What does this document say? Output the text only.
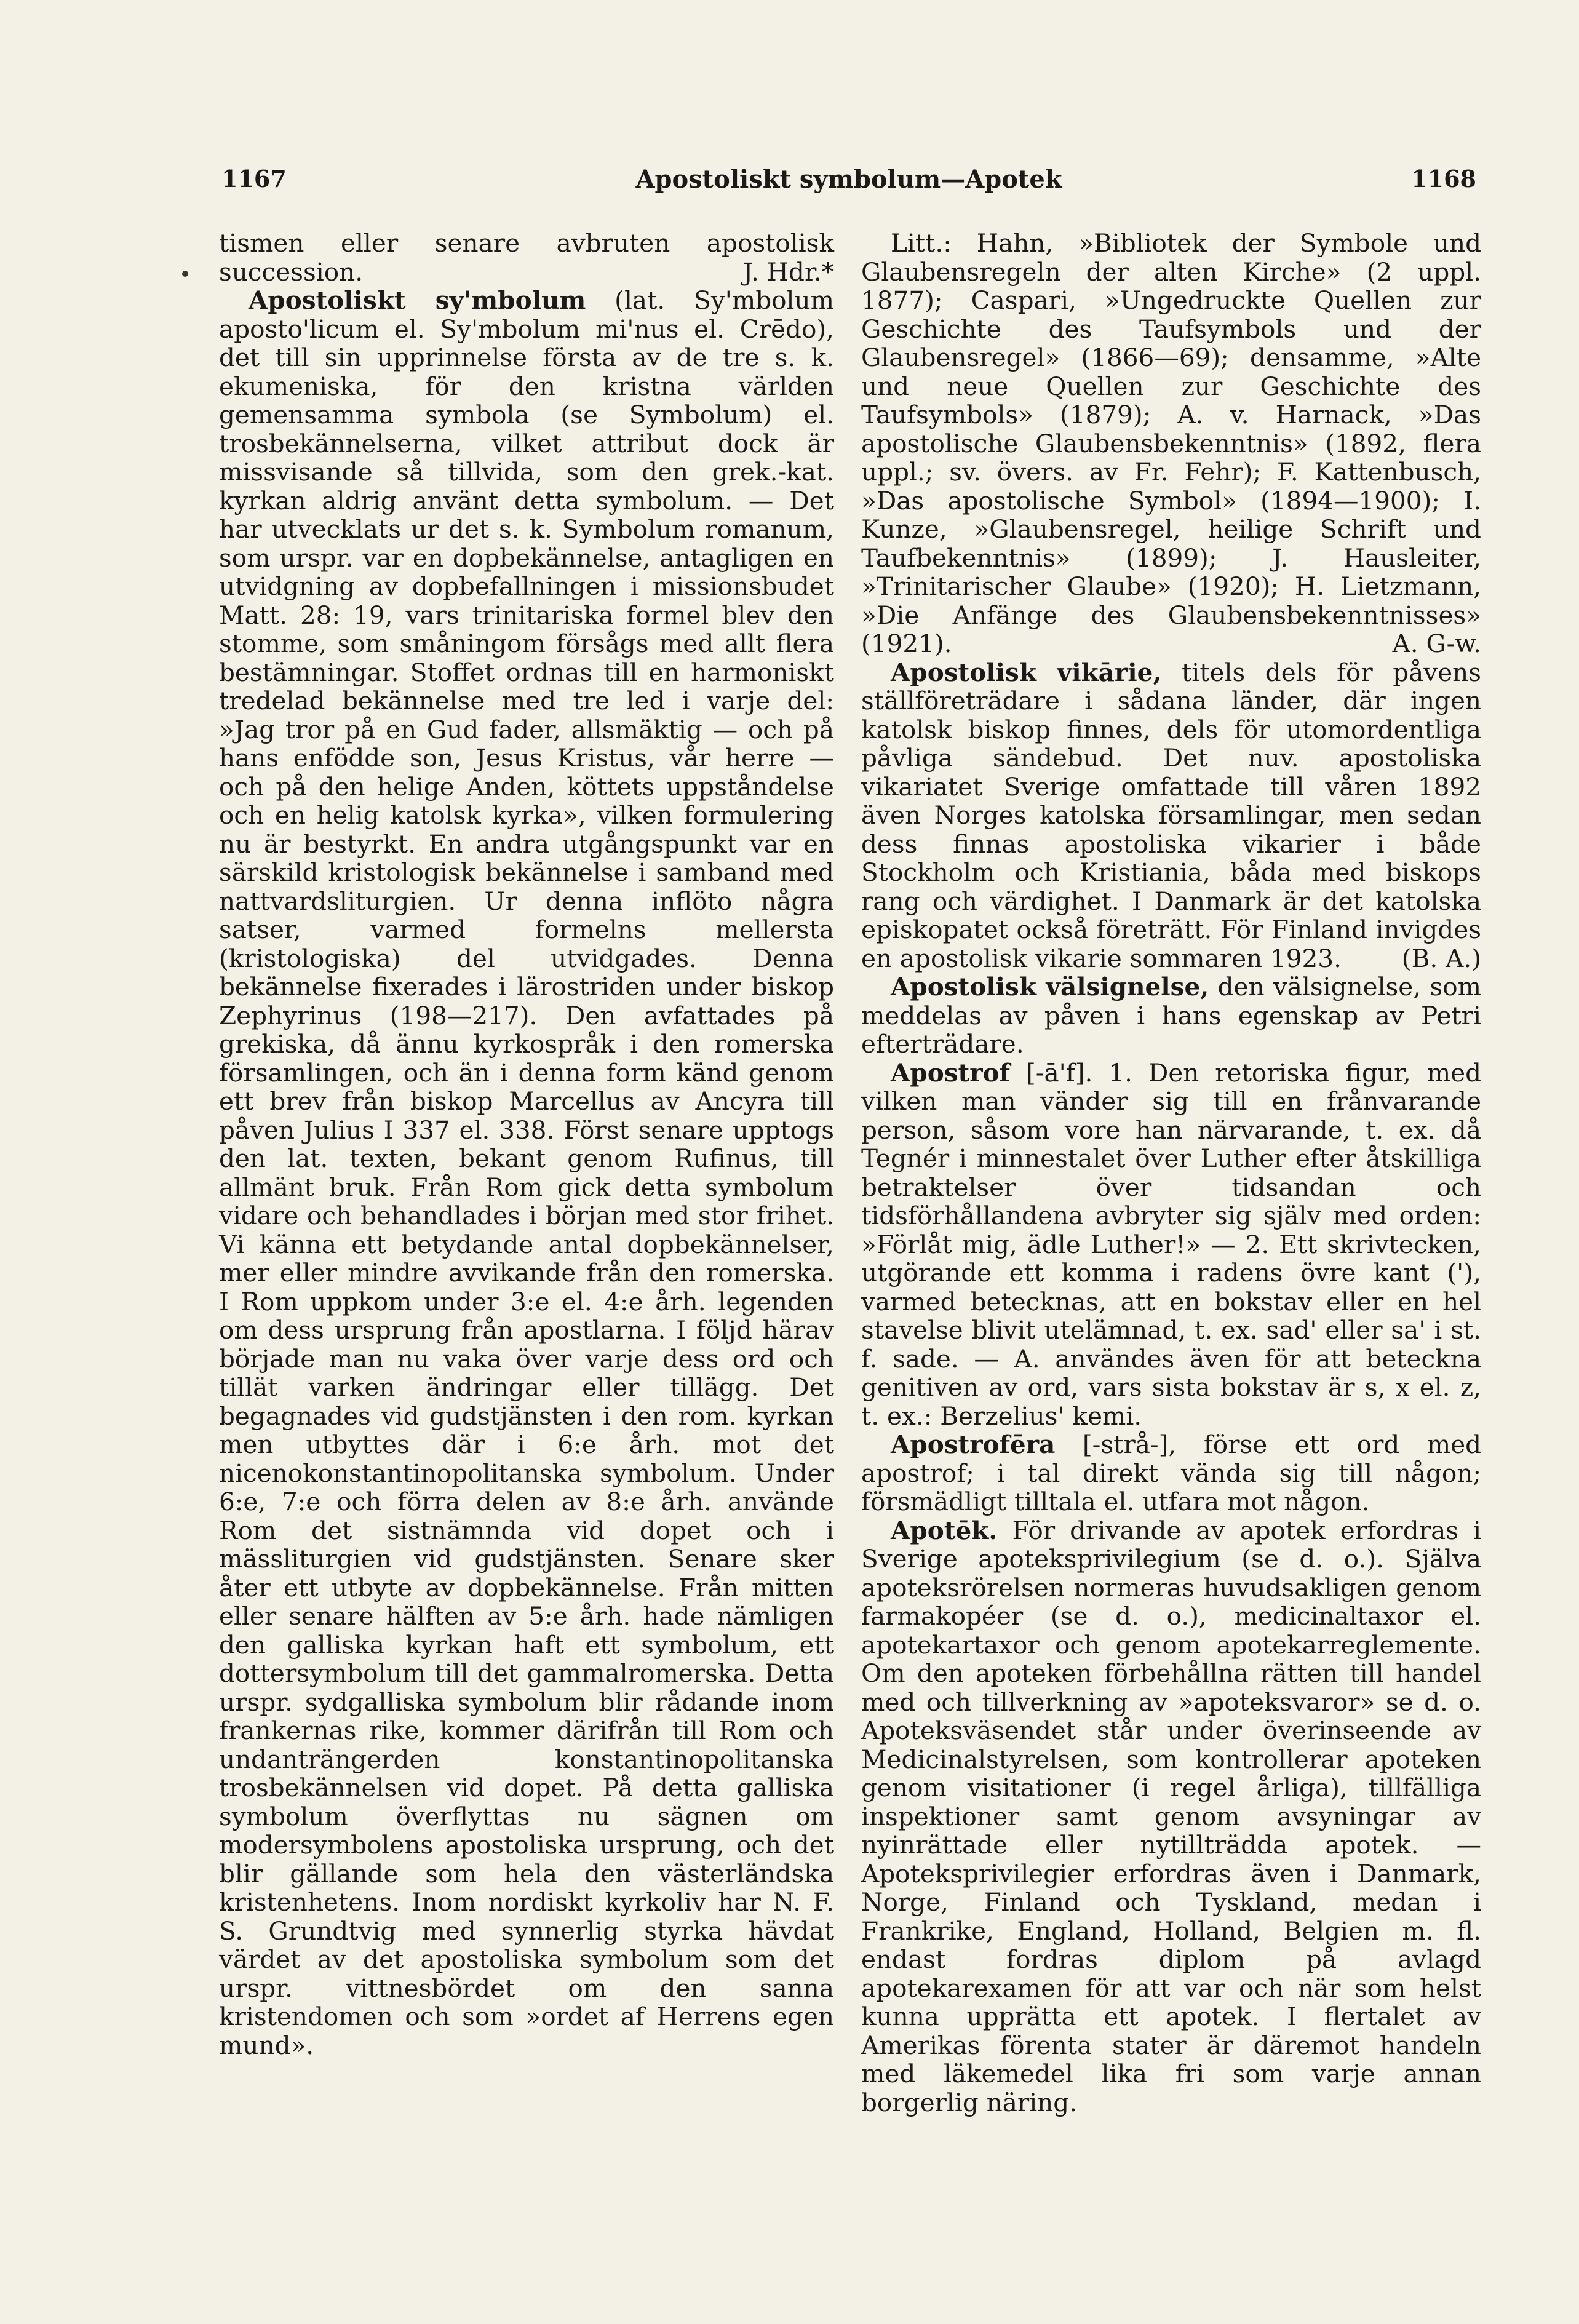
1167	Apostoliskt symbolum—Apotek	1168

tismen eller senare avbruten apostolisk succession.	J. Hdr.*

Apostoliskt sy'mbolum (lat. Sy'mbolum aposto'licum el. Sy'mbolum mi'nus el. Crēdo), det till sin upprinnelse första av de tre s. k. ekumeniska, för den kristna världen gemensamma symbola (se Symbolum) el. trosbekännelserna, vilket attribut dock är missvisande så tillvida, som den grek.-kat. kyrkan aldrig använt detta symbolum. — Det har utvecklats ur det s. k. Symbolum romanum, som urspr. var en dopbekännelse, antagligen en utvidgning av dopbefallningen i missionsbudet Matt. 28: 19, vars trinitariska formel blev den stomme, som småningom försågs med allt flera bestämningar. Stoffet ordnas till en harmoniskt tredelad bekännelse med tre led i varje del: »Jag tror på en Gud fader, allsmäktig — och på hans enfödde son, Jesus Kristus, vår herre — och på den helige Anden, köttets uppståndelse och en helig katolsk kyrka», vilken formulering nu är bestyrkt. En andra utgångspunkt var en särskild kristologisk bekännelse i samband med nattvardsliturgien. Ur denna inflöto några satser, varmed formelns mellersta (kristologiska) del utvidgades. Denna bekännelse fixerades i lärostriden under biskop Zephyrinus (198—217). Den avfattades på grekiska, då ännu kyrkospråk i den romerska församlingen, och än i denna form känd genom ett brev från biskop Marcellus av Ancyra till påven Julius I 337 el. 338. Först senare upptogs den lat. texten, bekant genom Rufinus, till allmänt bruk. Från Rom gick detta symbolum vidare och behandlades i början med stor frihet. Vi känna ett betydande antal dopbekännelser, mer eller mindre avvikande från den romerska. I Rom uppkom under 3:e el. 4:e årh. legenden om dess ursprung från apostlarna. I följd härav började man nu vaka över varje dess ord och tillät varken ändringar eller tillägg. Det begagnades vid gudstjänsten i den rom. kyrkan men utbyttes där i 6:e årh. mot det nicenokonstantinopolitanska symbolum. Under 6:e, 7:e och förra delen av 8:e årh. använde Rom det sistnämnda vid dopet och i mässliturgien vid gudstjänsten. Senare sker åter ett utbyte av dopbekännelse. Från mitten eller senare hälften av 5:e årh. hade nämligen den galliska kyrkan haft ett symbolum, ett dottersymbolum till det gammalromerska. Detta urspr. sydgalliska symbolum blir rådande inom frankernas rike, kommer därifrån till Rom och undanträngerden konstantinopolitanska trosbekännelsen vid dopet. På detta galliska symbolum överflyttas nu sägnen om modersymbolens apostoliska ursprung, och det blir gällande som hela den västerländska kristenhetens. Inom nordiskt kyrkoliv har N. F. S. Grundtvig med synnerlig styrka hävdat värdet av det apostoliska symbolum som det urspr. vittnesbördet om den sanna kristendomen och som »ordet af Herrens egen mund».

Litt.: Hahn, »Bibliotek der Symbole und Glaubensregeln der alten Kirche» (2 uppl. 1877); Caspari, »Ungedruckte Quellen zur Geschichte des Taufsymbols und der Glaubensregel» (1866—69); densamme, »Alte und neue Quellen zur Geschichte des Taufsymbols» (1879); A. v. Harnack, »Das apostolische Glaubensbekenntnis» (1892, flera uppl.; sv. övers. av Fr. Fehr); F. Kattenbusch, »Das apostolische Symbol» (1894—1900); I. Kunze, »Glaubensregel, heilige Schrift und Taufbekenntnis» (1899); J. Hausleiter, »Trinitarischer Glaube» (1920); H. Lietzmann, »Die Anfänge des Glaubensbekenntnisses» (1921).	A. G-w.

Apostolisk vikārie, titels dels för påvens ställföreträdare i sådana länder, där ingen katolsk biskop finnes, dels för utomordentliga påvliga sändebud. Det nuv. apostoliska vikariatet Sverige omfattade till våren 1892 även Norges katolska församlingar, men sedan dess finnas apostoliska vikarier i både Stockholm och Kristiania, båda med biskops rang och värdighet. I Danmark är det katolska episkopatet också företrätt. För Finland invigdes en apostolisk vikarie sommaren 1923.	(B. A.)

Apostolisk välsignelse, den välsignelse, som meddelas av påven i hans egenskap av Petri efterträdare.

Apostrof [-ā'f]. 1. Den retoriska figur, med vilken man vänder sig till en frånvarande person, såsom vore han närvarande, t. ex. då Tegnér i minnestalet över Luther efter åtskilliga betraktelser över tidsandan och tidsförhållandena avbryter sig själv med orden: »Förlåt mig, ädle Luther!» — 2. Ett skrivtecken, utgörande ett komma i radens övre kant ('), varmed betecknas, att en bokstav eller en hel stavelse blivit utelämnad, t. ex. sad' eller sa' i st. f. sade. — A. användes även för att beteckna genitiven av ord, vars sista bokstav är s, x el. z, t. ex.: Berzelius' kemi.

Apostrofēra [-strå-], förse ett ord med apostrof; i tal direkt vända sig till någon; försmädligt tilltala el. utfara mot någon.

Apotēk. För drivande av apotek erfordras i Sverige apoteksprivilegium (se d. o.). Själva apoteksrörelsen normeras huvudsakligen genom farmakopéer (se d. o.), medicinaltaxor el. apotekartaxor och genom apotekarreglemente. Om den apoteken förbehållna rätten till handel med och tillverkning av »apoteksvaror» se d. o. Apoteksväsendet står under överinseende av Medicinalstyrelsen, som kontrollerar apoteken genom visitationer (i regel årliga), tillfälliga inspektioner samt genom avsyningar av nyinrättade eller nytillträdda apotek. — Apoteksprivilegier erfordras även i Danmark, Norge, Finland och Tyskland, medan i Frankrike, England, Holland, Belgien m. fl. endast fordras diplom på avlagd apotekarexamen för att var och när som helst kunna upprätta ett apotek. I flertalet av Amerikas förenta stater är däremot handeln med läkemedel lika fri som varje annan borgerlig näring.
